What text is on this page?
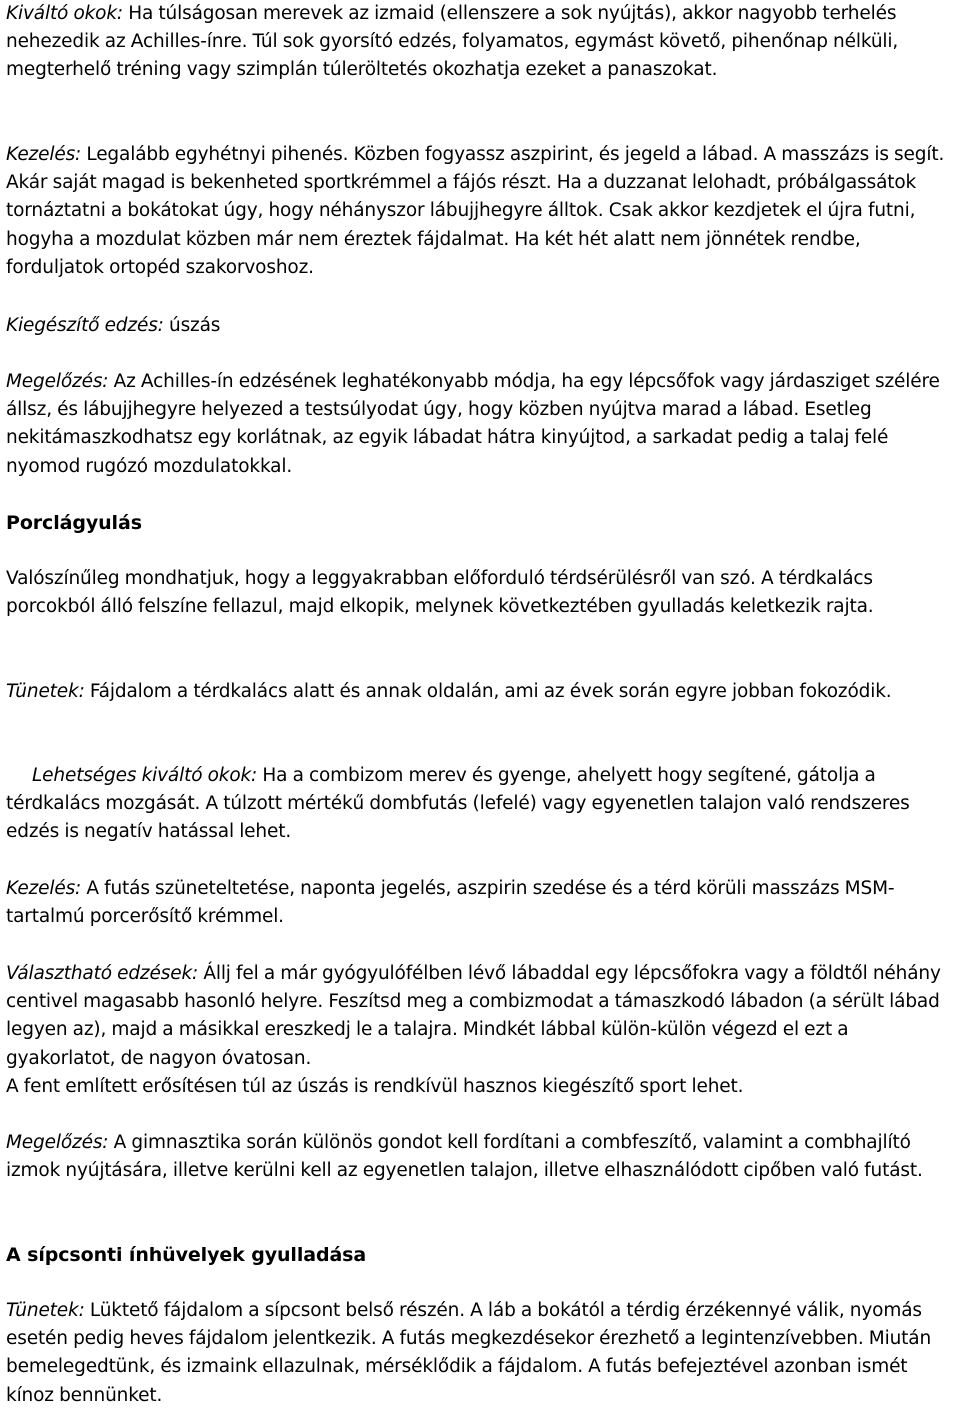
Kiváltó okok: Ha túlságosan merevek az izmaid (ellenszere a sok nyújtás), akkor nagyobb terhelés nehezedik az Achilles-ínre. Túl sok gyorsító edzés, folyamatos, egymást követő, pihenőnap nélküli, megterhelő tréning vagy szimplán túleröltetés okozhatja ezeket a panaszokat.

Kezelés: Legalább egyhétnyi pihenés. Közben fogyassz aszpirint, és jegeld a lábad. A masszázs is segít. Akár saját magad is bekenheted sportkrémmel a fájós részt. Ha a duzzanat lelohadt, próbálgassátok tornáztatni a bokátokat úgy, hogy néhányszor lábujjhegyre álltok. Csak akkor kezdjetek el újra futni, hogyha a mozdulat közben már nem éreztek fájdalmat. Ha két hét alatt nem jönnétek rendbe, forduljatok ortopéd szakorvoshoz.

Kiegészítő edzés: úszás

Megelőzés: Az Achilles-ín edzésének leghatékonyabb módja, ha egy lépcsőfok vagy járdasziget szélére állsz, és lábujjhegyre helyezed a testsúlyodat úgy, hogy közben nyújtva marad a lábad. Esetleg nekitámaszkodhatsz egy korlátnak, az egyik lábadat hátra kinyújtod, a sarkadat pedig a talaj felé nyomod rugózó mozdulatokkal.

Porclágyulás

Valószínűleg mondhatjuk, hogy a leggyakrabban előforduló térdsérülésről van szó. A térdkalács porcokból álló felszíne fellazul, majd elkopik, melynek következtében gyulladás keletkezik rajta.

Tünetek: Fájdalom a térdkalács alatt és annak oldalán, ami az évek során egyre jobban fokozódik.

Lehetséges kiváltó okok: Ha a combizom merev és gyenge, ahelyett hogy segítené, gátolja a térdkalács mozgását. A túlzott mértékű dombfutás (lefelé) vagy egyenetlen talajon való rendszeres edzés is negatív hatással lehet.

Kezelés: A futás szüneteltetése, naponta jegelés, aszpirin szedése és a térd körüli masszázs MSM-tartalmú porcerősítő krémmel.

Választható edzések: Állj fel a már gyógyulófélben lévő lábaddal egy lépcsőfokra vagy a földtől néhány centivel magasabb hasonló helyre. Feszítsd meg a combizmodat a támaszkodó lábadon (a sérült lábad legyen az), majd a másikkal ereszkedj le a talajra. Mindkét lábbal külön-külön végezd el ezt a gyakorlatot, de nagyon óvatosan.

A fent említett erősítésen túl az úszás is rendkívül hasznos kiegészítő sport lehet.

Megelőzés: A gimnasztika során különös gondot kell fordítani a combfeszítő, valamint a combhajlító izmok nyújtására, illetve kerülni kell az egyenetlen talajon, illetve elhasználódott cipőben való futást.

A sípcsonti ínhüvelyek gyulladása

Tünetek: Lüktető fájdalom a sípcsont belső részén. A láb a bokától a térdig érzékennyé válik, nyomás esetén pedig heves fájdalom jelentkezik. A futás megkezdésekor érezhető a legintenzívebben. Miután bemelegedtünk, és izmaink ellazulnak, mérséklődik a fájdalom. A futás befejeztével azonban ismét kínoz bennünket.
